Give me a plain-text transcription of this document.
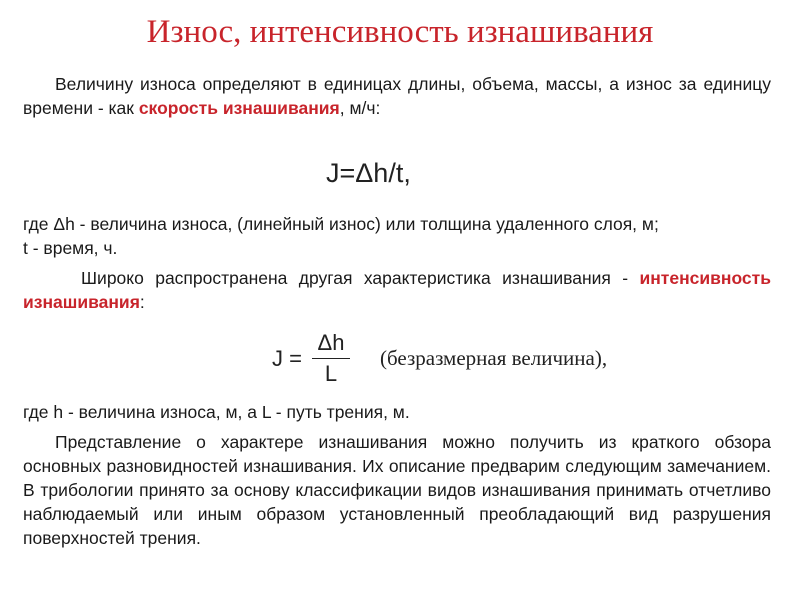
Износ, интенсивность изнашивания
Величину износа определяют в единицах длины, объема, массы, а износ за единицу времени - как скорость изнашивания, м/ч:
J=Δh/t,
где Δh - величина износа, (линейный износ) или толщина удаленного слоя, м;
t - время, ч.
Широко распространена другая характеристика изнашивания - интенсивность изнашивания:
$J = \frac{\Delta h}{L}$ (безразмерная величина),
где h - величина износа, м, а L - путь трения, м.
Представление о характере изнашивания можно получить из краткого обзора основных разновидностей изнашивания. Их описание предварим следующим замечанием. В трибологии принято за основу классификации видов изнашивания принимать отчетливо наблюдаемый или иным образом установленный преобладающий вид разрушения поверхностей трения.
